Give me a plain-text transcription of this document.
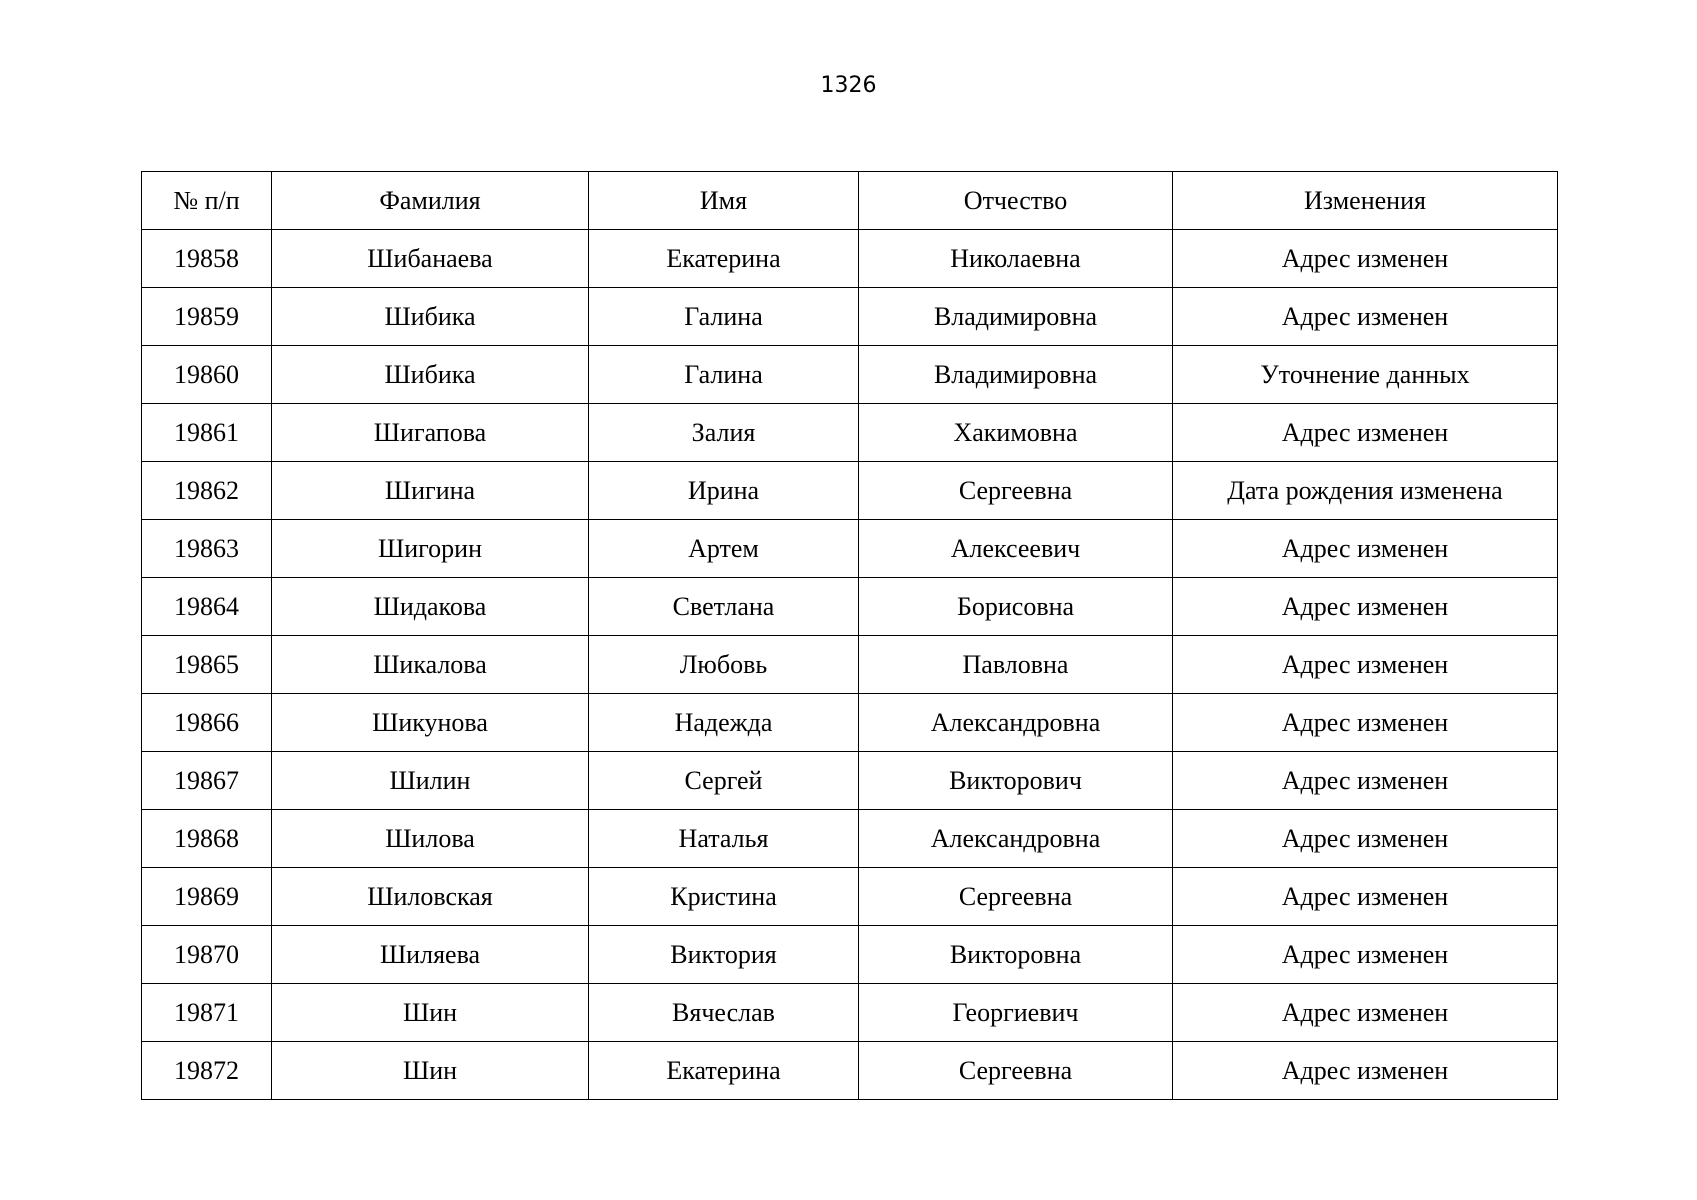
1326
№ п/п	Фамилия	Имя	Отчество	Изменения
19858	Шибанаева	Екатерина	Николаевна	Адрес изменен
19859	Шибика	Галина	Владимировна	Адрес изменен
19860	Шибика	Галина	Владимировна	Уточнение данных
19861	Шигапова	Залия	Хакимовна	Адрес изменен
19862	Шигина	Ирина	Сергеевна	Дата рождения изменена
19863	Шигорин	Артем	Алексеевич	Адрес изменен
19864	Шидакова	Светлана	Борисовна	Адрес изменен
19865	Шикалова	Любовь	Павловна	Адрес изменен
19866	Шикунова	Надежда	Александровна	Адрес изменен
19867	Шилин	Сергей	Викторович	Адрес изменен
19868	Шилова	Наталья	Александровна	Адрес изменен
19869	Шиловская	Кристина	Сергеевна	Адрес изменен
19870	Шиляева	Виктория	Викторовна	Адрес изменен
19871	Шин	Вячеслав	Георгиевич	Адрес изменен
19872	Шин	Екатерина	Сергеевна	Адрес изменен
